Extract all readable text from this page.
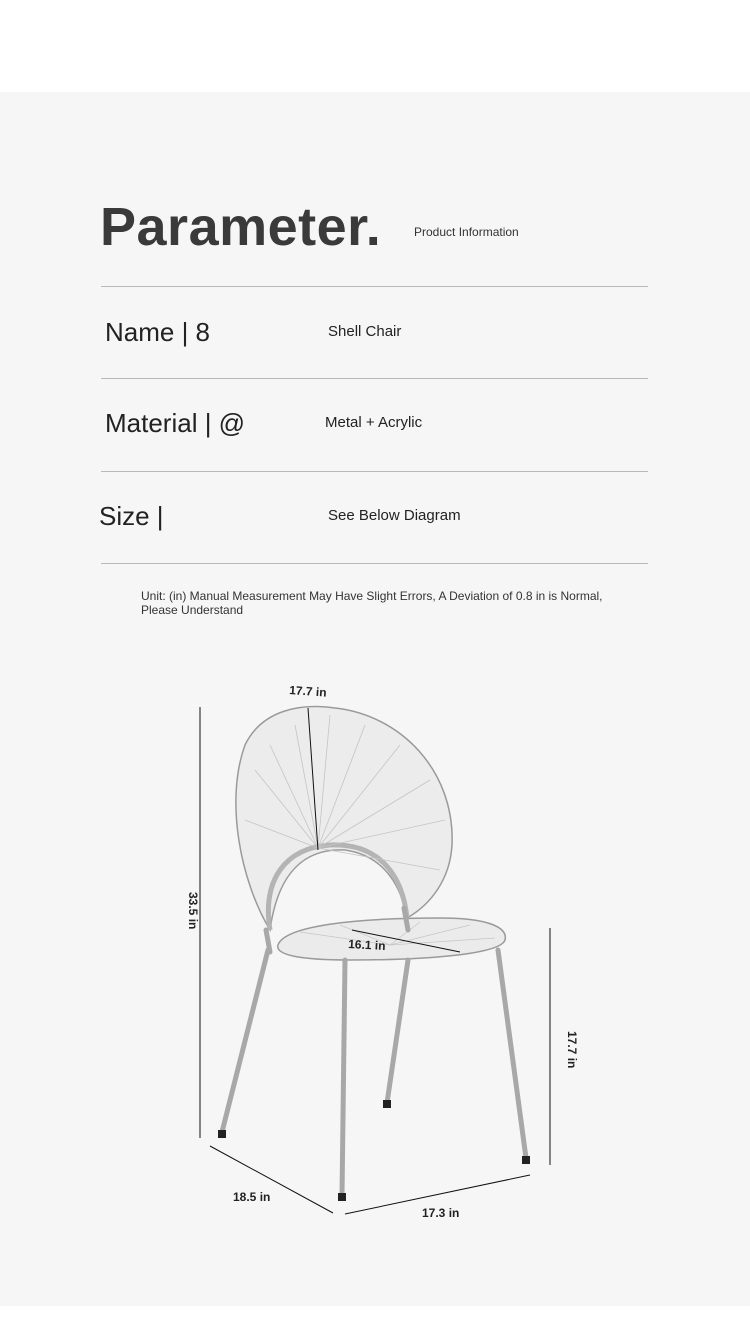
Parameter.	Product Information
Name | 8	Shell Chair
Material | @	Metal + Acrylic
Size |	See Below Diagram
Unit: (in) Manual Measurement May Have Slight Errors, A Deviation of 0.8 in is Normal, Please Understand
17.7 in
33.5 in
16.1 in
17.7 in
18.5 in
17.3 in
